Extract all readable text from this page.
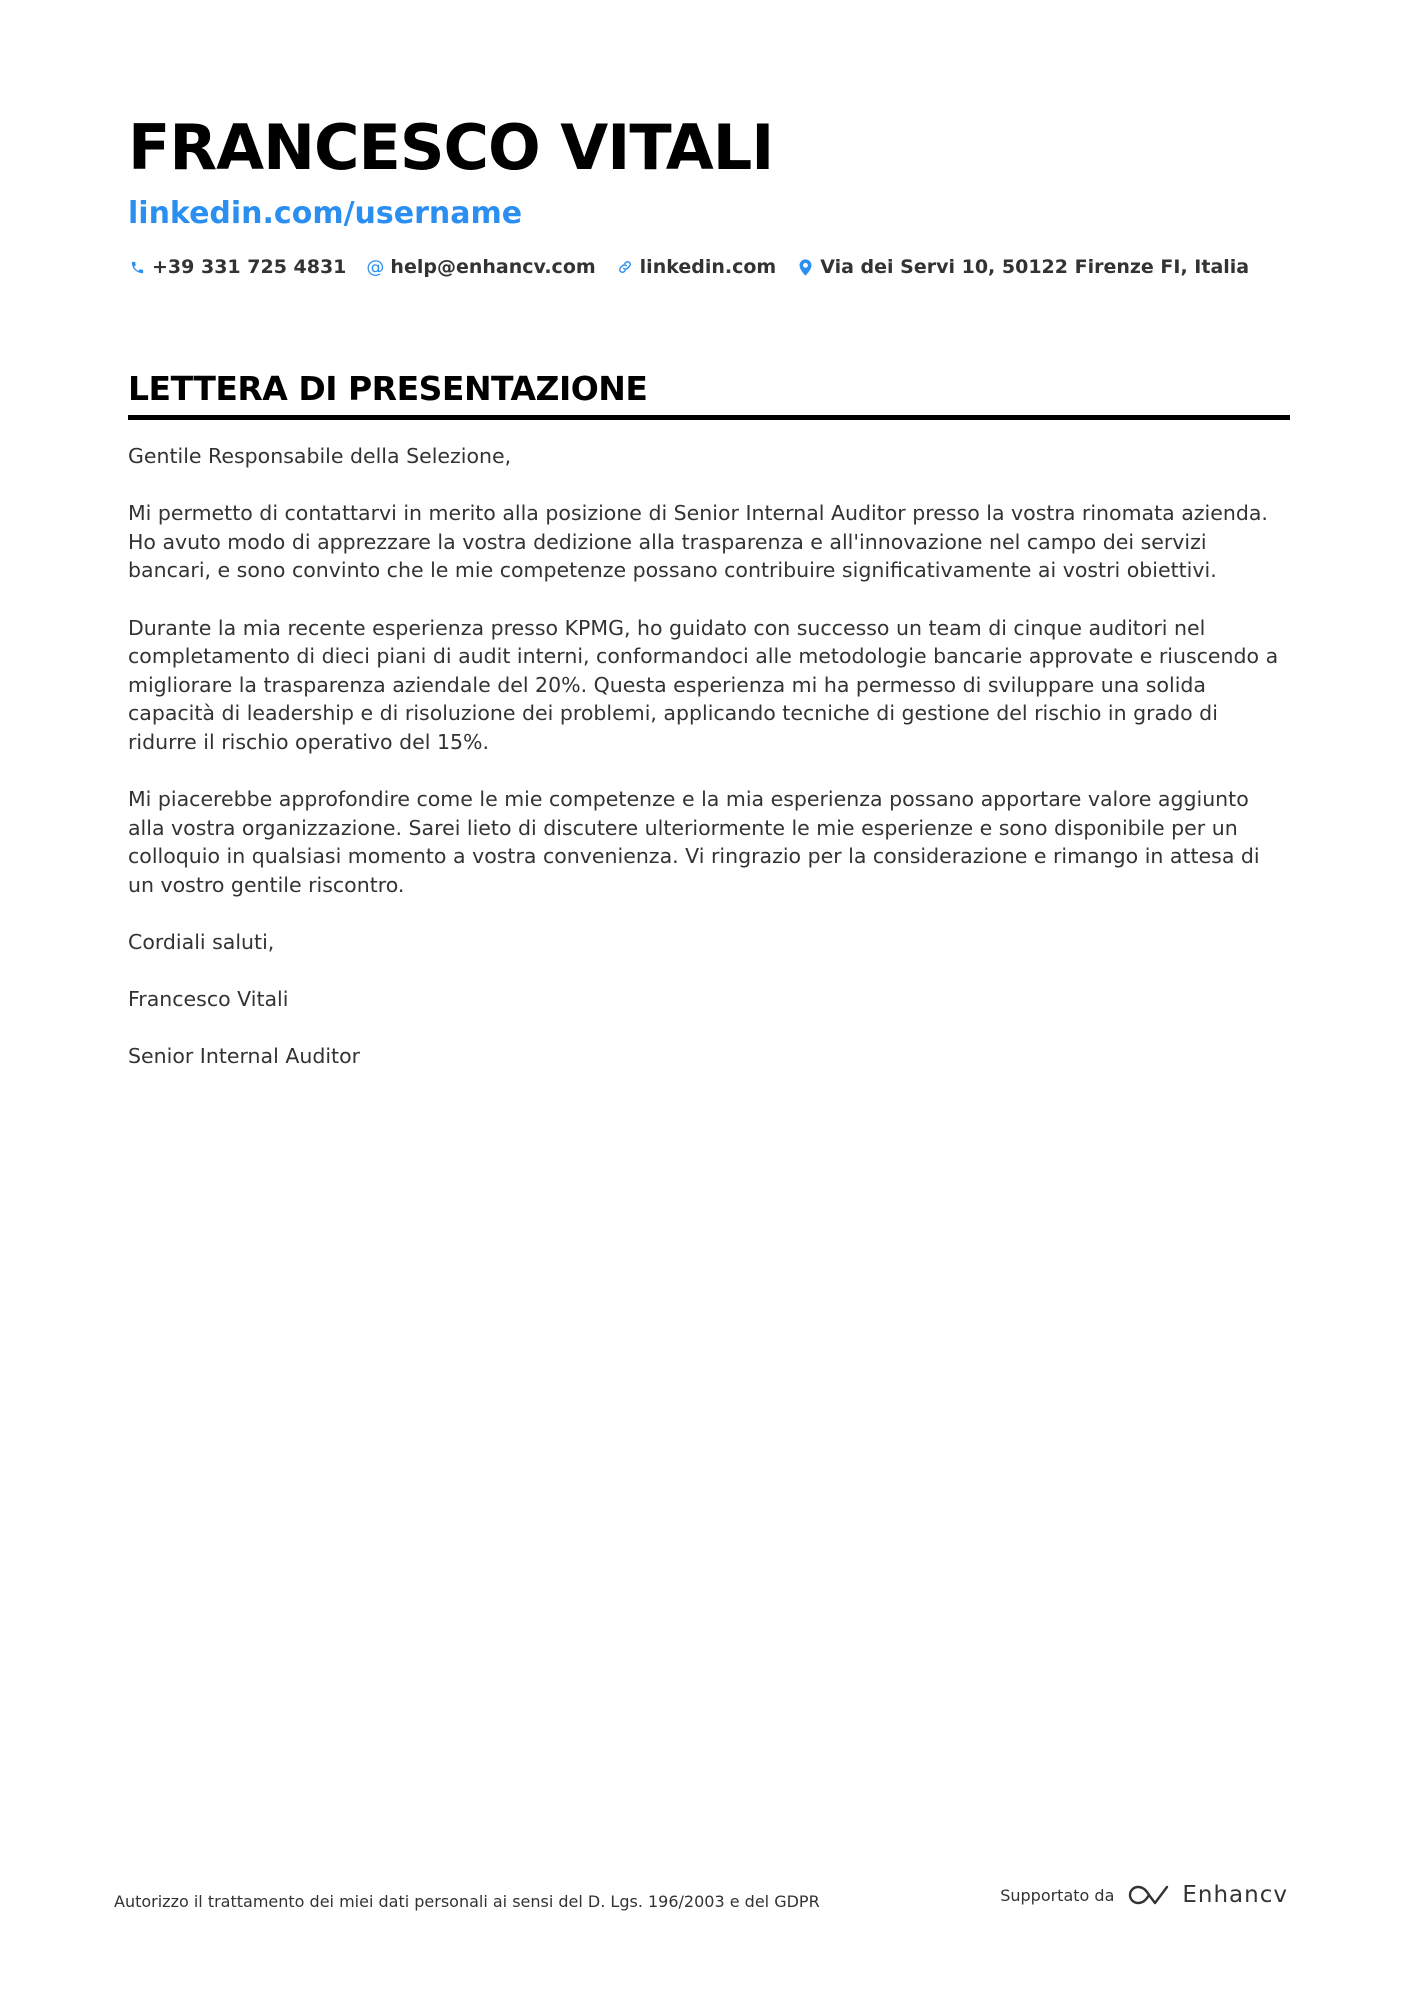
FRANCESCO VITALI
linkedin.com/username
+39 331 725 4831 @ help@enhancv.com linkedin.com Via dei Servi 10, 50122 Firenze FI, Italia
LETTERA DI PRESENTAZIONE

Gentile Responsabile della Selezione,

Mi permetto di contattarvi in merito alla posizione di Senior Internal Auditor presso la vostra rinomata azienda. Ho avuto modo di apprezzare la vostra dedizione alla trasparenza e all'innovazione nel campo dei servizi bancari, e sono convinto che le mie competenze possano contribuire significativamente ai vostri obiettivi.

Durante la mia recente esperienza presso KPMG, ho guidato con successo un team di cinque auditori nel completamento di dieci piani di audit interni, conformandoci alle metodologie bancarie approvate e riuscendo a migliorare la trasparenza aziendale del 20%. Questa esperienza mi ha permesso di sviluppare una solida capacità di leadership e di risoluzione dei problemi, applicando tecniche di gestione del rischio in grado di ridurre il rischio operativo del 15%.

Mi piacerebbe approfondire come le mie competenze e la mia esperienza possano apportare valore aggiunto alla vostra organizzazione. Sarei lieto di discutere ulteriormente le mie esperienze e sono disponibile per un colloquio in qualsiasi momento a vostra convenienza. Vi ringrazio per la considerazione e rimango in attesa di un vostro gentile riscontro.

Cordiali saluti,

Francesco Vitali

Senior Internal Auditor

Autorizzo il trattamento dei miei dati personali ai sensi del D. Lgs. 196/2003 e del GDPR	Supportato da	Enhancv
